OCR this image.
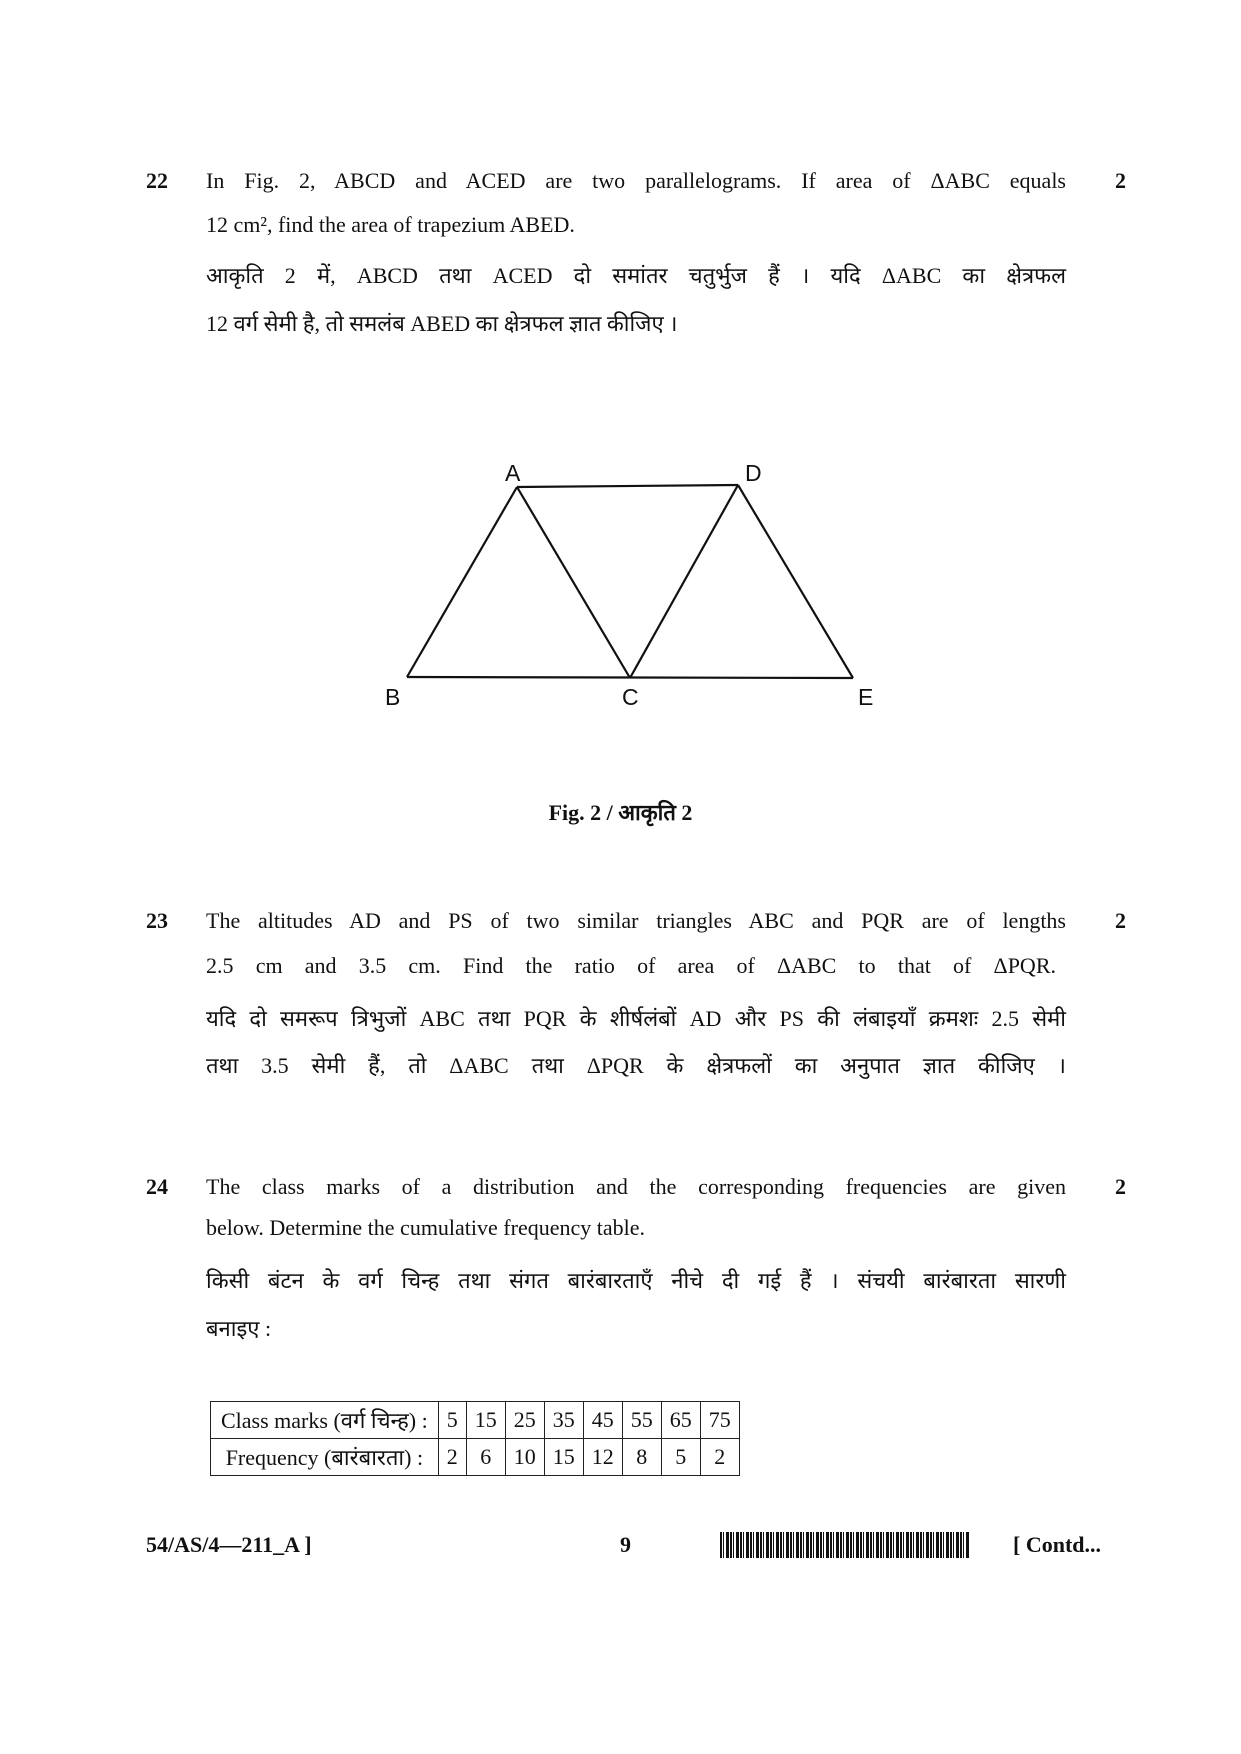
22	2
In Fig. 2, ABCD and ACED are two parallelograms. If area of ΔABC equals
12 cm², find the area of trapezium ABED.
आकृति 2 में, ABCD तथा ACED दो समांतर चतुर्भुज हैं । यदि ΔABC का क्षेत्रफल
12 वर्ग सेमी है, तो समलंब ABED का क्षेत्रफल ज्ञात कीजिए ।
A	D
B	C	E
Fig. 2 / आकृति 2
23	2
The altitudes AD and PS of two similar triangles ABC and PQR are of lengths
2.5 cm and 3.5 cm. Find the ratio of area of ΔABC to that of ΔPQR.
यदि दो समरूप त्रिभुजों ABC तथा PQR के शीर्षलंबों AD और PS की लंबाइयाँ क्रमशः 2.5 सेमी
तथा 3.5 सेमी हैं, तो ΔABC तथा ΔPQR के क्षेत्रफलों का अनुपात ज्ञात कीजिए ।
24	2
The class marks of a distribution and the corresponding frequencies are given
below. Determine the cumulative frequency table.
किसी बंटन के वर्ग चिन्ह तथा संगत बारंबारताएँ नीचे दी गई हैं । संचयी बारंबारता सारणी
बनाइए :
Class marks (वर्ग चिन्ह) :	5	15	25	35	45	55	65	75
Frequency (बारंबारता) :	2	6	10	15	12	8	5	2
54/AS/4—211_A ]	9	[ Contd...
